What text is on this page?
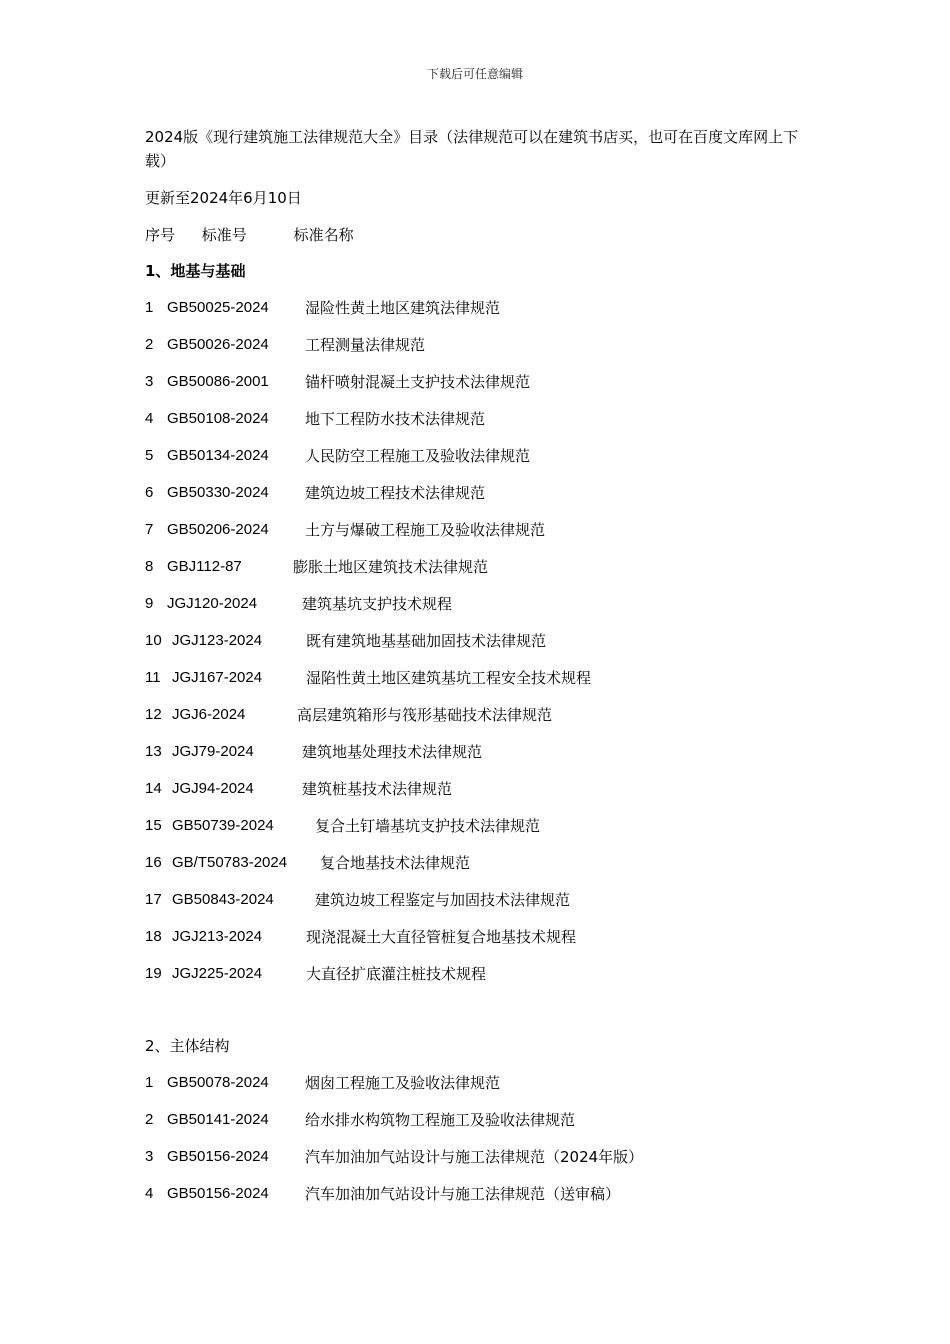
下载后可任意编辑
2024版《现行建筑施工法律规范大全》目录（法律规范可以在建筑书店买，也可在百度文库网上下载）
更新至2024年6月10日
序号 标准号	标准名称
1、地基与基础
1 GB50025-2024 湿险性黄土地区建筑法律规范
2 GB50026-2024 工程测量法律规范
3 GB50086-2001 锚杆喷射混凝土支护技术法律规范
4 GB50108-2024 地下工程防水技术法律规范
5 GB50134-2024 人民防空工程施工及验收法律规范
6 GB50330-2024 建筑边坡工程技术法律规范
7 GB50206-2024 土方与爆破工程施工及验收法律规范
8 GBJ112-87	膨胀土地区建筑技术法律规范
9 JGJ120-2024	建筑基坑支护技术规程
10 JGJ123-2024	既有建筑地基基础加固技术法律规范
11 JGJ167-2024	湿陷性黄土地区建筑基坑工程安全技术规程
12 JGJ6-2024	高层建筑箱形与筏形基础技术法律规范
13 JGJ79-2024	建筑地基处理技术法律规范
14 JGJ94-2024	建筑桩基技术法律规范
15 GB50739-2024	复合土钉墙基坑支护技术法律规范
16 GB/T50783-2024 复合地基技术法律规范
17 GB50843-2024	建筑边坡工程鉴定与加固技术法律规范
18 JGJ213-2024	现浇混凝土大直径管桩复合地基技术规程
19 JGJ225-2024	大直径扩底灌注桩技术规程
2、主体结构
1 GB50078-2024 烟囱工程施工及验收法律规范
2 GB50141-2024 给水排水构筑物工程施工及验收法律规范
3 GB50156-2024 汽车加油加气站设计与施工法律规范（2024年版）
4 GB50156-2024 汽车加油加气站设计与施工法律规范（送审稿）
